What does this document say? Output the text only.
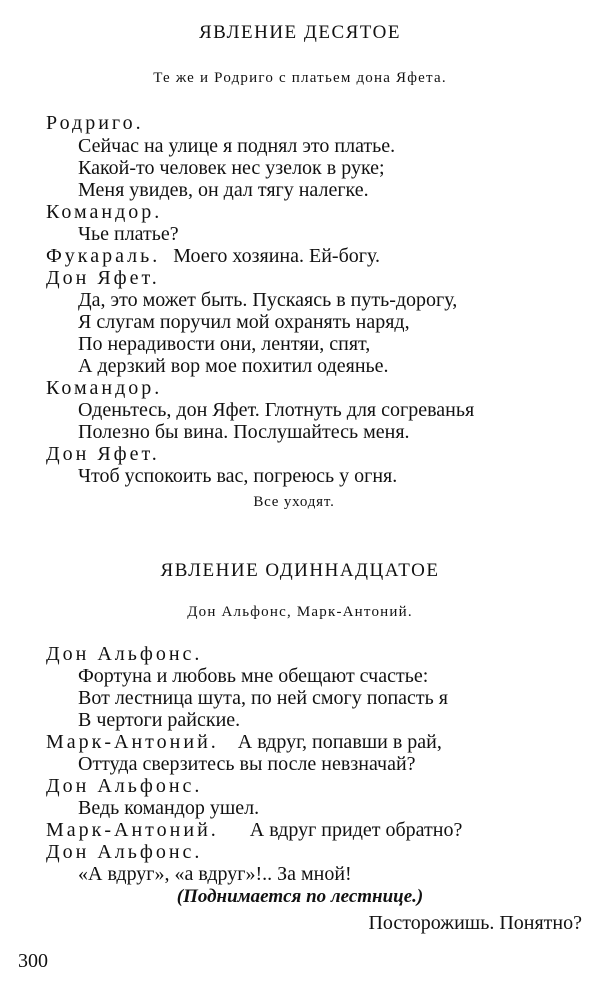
ЯВЛЕНИЕ ДЕСЯТОЕ
Те же и Родриго с платьем дона Яфета.
Родриго.
Сейчас на улице я поднял это платье.
Какой-то человек нес узелок в руке;
Меня увидев, он дал тягу налегке.
Командор.
Чье платье?
Фукараль. Моего хозяина. Ей-богу.
Дон Яфет.
Да, это может быть. Пускаясь в путь-дорогу,
Я слугам поручил мой охранять наряд,
По нерадивости они, лентяи, спят,
А дерзкий вор мое похитил одеянье.
Командор.
Оденьтесь, дон Яфет. Глотнуть для согреванья
Полезно бы вина. Послушайтесь меня.
Дон Яфет.
Чтоб успокоить вас, погреюсь у огня.
Все уходят.
ЯВЛЕНИЕ ОДИННАДЦАТОЕ
Дон Альфонс, Марк-Антоний.
Дон Альфонс.
Фортуна и любовь мне обещают счастье:
Вот лестница шута, по ней смогу попасть я
В чертоги райские.
Марк-Антоний. А вдруг, попавши в рай,
Оттуда сверзитесь вы после невзначай?
Дон Альфонс.
Ведь командор ушел.
Марк-Антоний. А вдруг придет обратно?
Дон Альфонс.
«А вдруг», «а вдруг»!.. За мной!
(Поднимается по лестнице.)
Посторожишь. Понятно?
300
